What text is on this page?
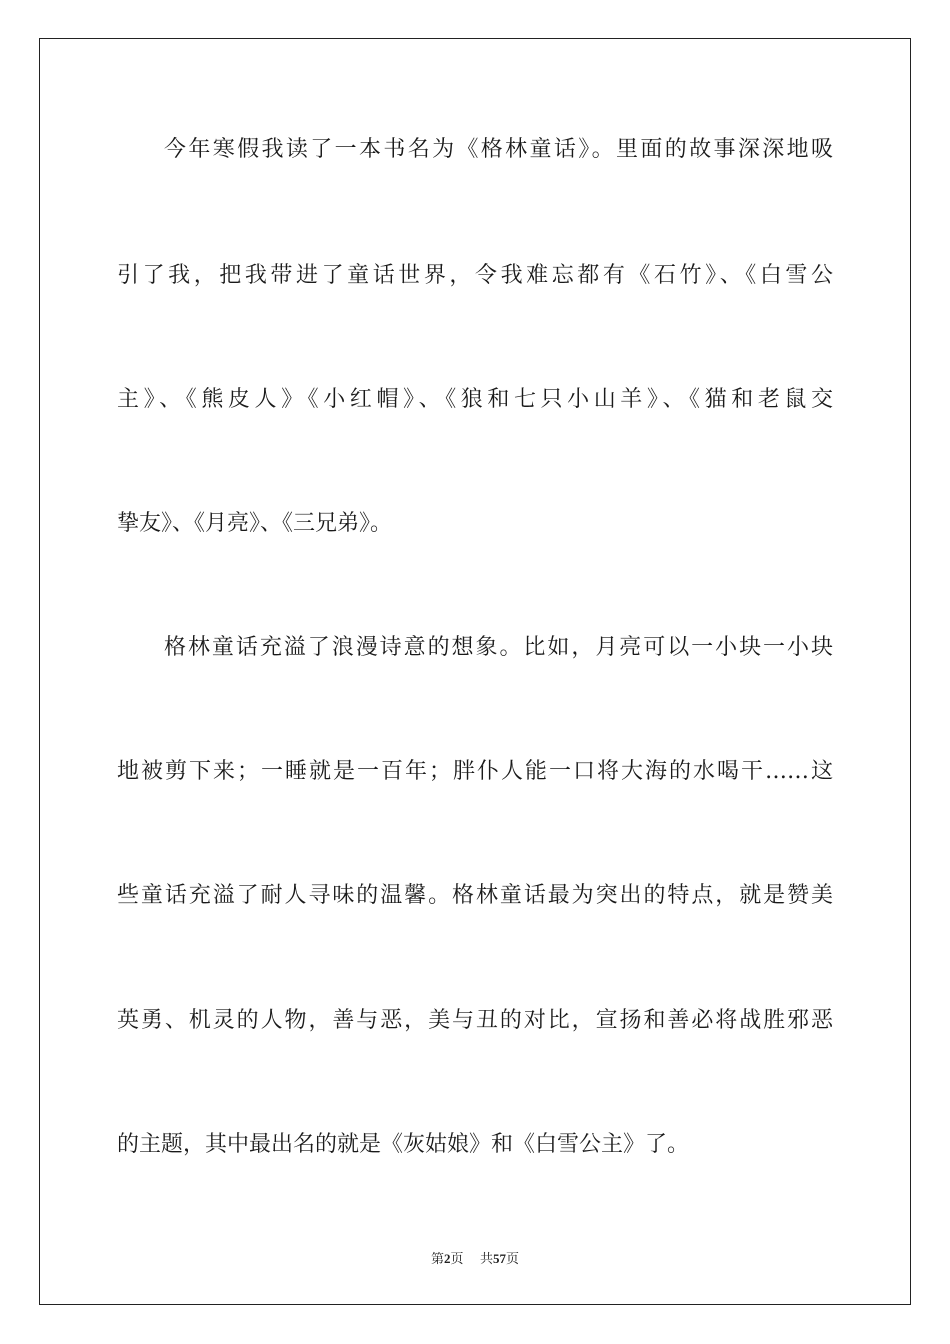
今年寒假我读了一本书名为《格林童话》。里面的故事深深地吸
引了我，把我带进了童话世界，令我难忘都有《石竹》、《白雪公
主》、《熊皮人》《小红帽》、《狼和七只小山羊》、《猫和老鼠交
挚友》、《月亮》、《三兄弟》。
格林童话充溢了浪漫诗意的想象。比如，月亮可以一小块一小块
地被剪下来；一睡就是一百年；胖仆人能一口将大海的水喝干……这
些童话充溢了耐人寻味的温馨。格林童话最为突出的特点，就是赞美
英勇、机灵的人物，善与恶，美与丑的对比，宣扬和善必将战胜邪恶
的主题，其中最出名的就是《灰姑娘》和《白雪公主》了。
第2页 共57页
